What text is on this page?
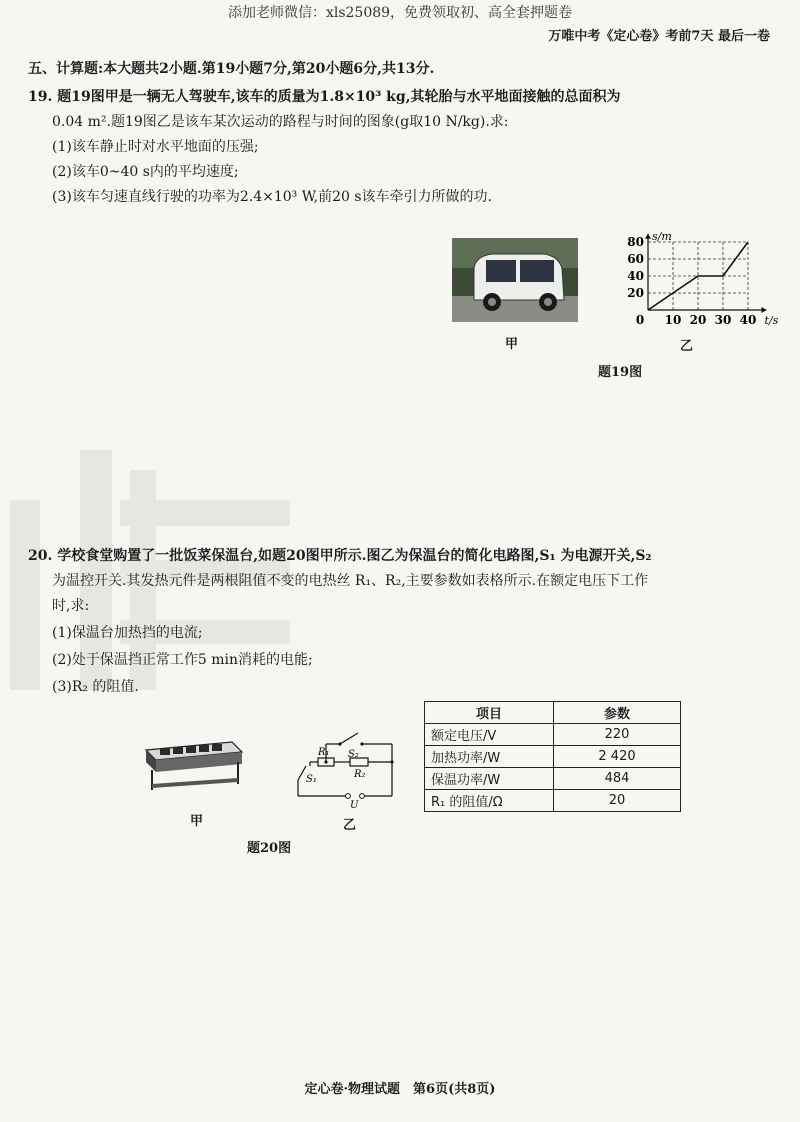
添加老师微信：xls25089，免费领取初、高全套押题卷
万唯中考《定心卷》考前7天 最后一卷
五、计算题:本大题共2小题.第19小题7分,第20小题6分,共13分.
19. 题19图甲是一辆无人驾驶车,该车的质量为1.8×10³ kg,其轮胎与水平地面接触的总面积为
0.04 m².题19图乙是该车某次运动的路程与时间的图象(g取10 N/kg).求:
(1)该车静止时对水平地面的压强;
(2)该车0~40 s内的平均速度;
(3)该车匀速直线行驶的功率为2.4×10³ W,前20 s该车牵引力所做的功.
甲
10 20 30 40
20
40
60
80
0	t/s
s/m
乙
题19图
20. 学校食堂购置了一批饭菜保温台,如题20图甲所示.图乙为保温台的简化电路图,S₁ 为电源开关,S₂
为温控开关.其发热元件是两根阻值不变的电热丝 R₁、R₂,主要参数如表格所示.在额定电压下工作
时,求:
(1)保温台加热挡的电流;
(2)处于保温挡正常工作5 min消耗的电能;
(3)R₂ 的阻值.
甲
S₂
R₁
R₂
S₁
U
乙
题20图
项目	参数
额定电压/V	220
加热功率/W	2 420
保温功率/W	484
R₁ 的阻值/Ω	20
定心卷·物理试题　第6页(共8页)
